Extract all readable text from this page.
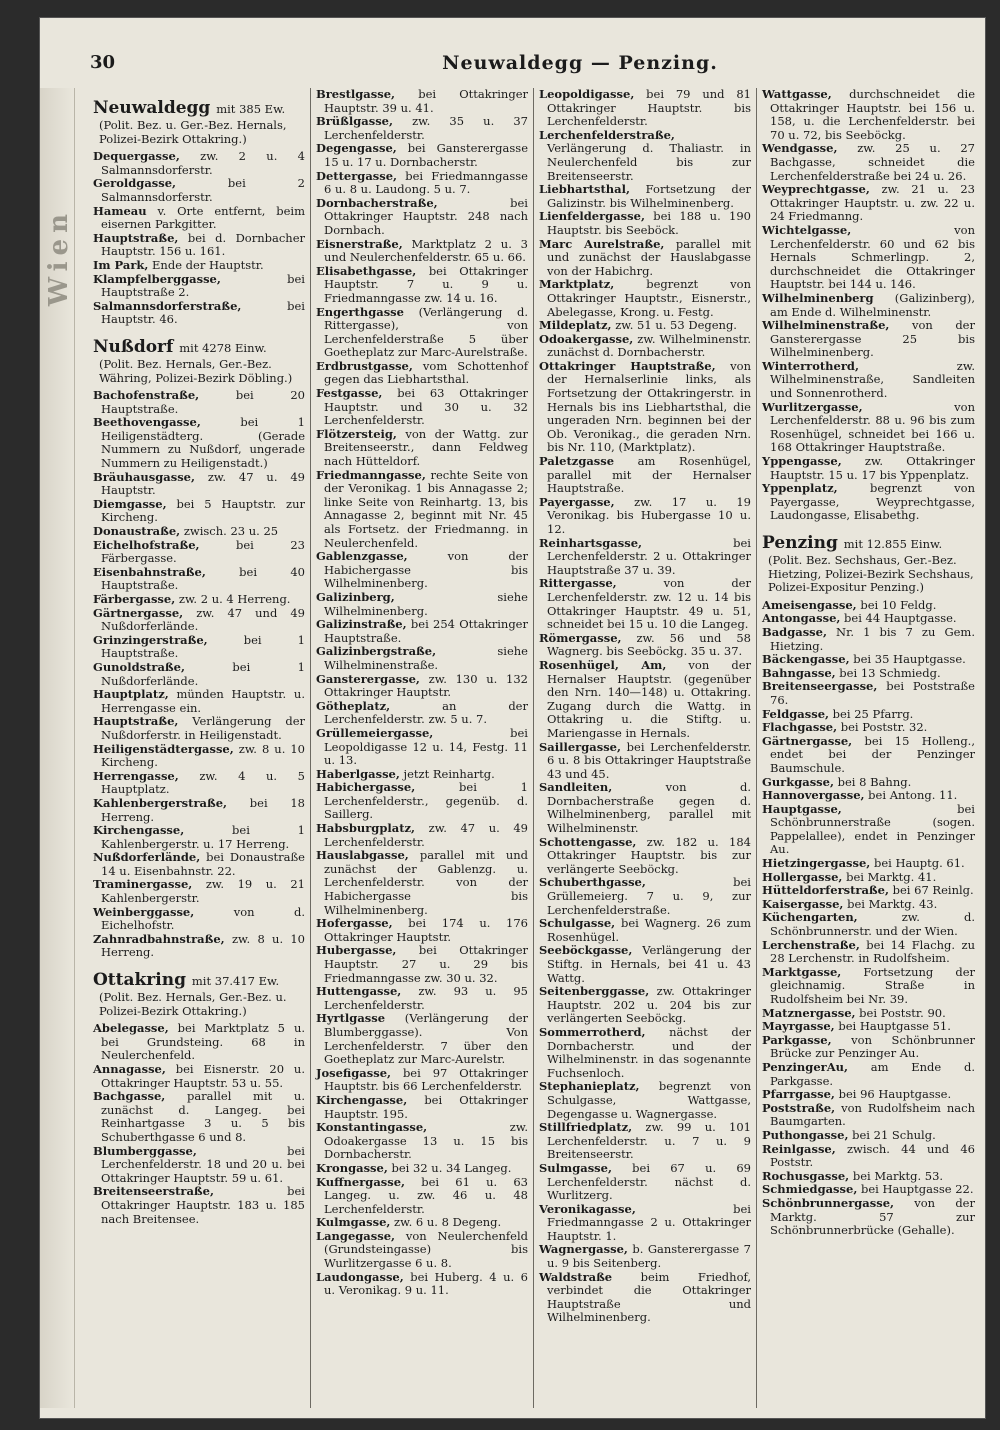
Wien
30	Neuwaldegg — Penzing.
Neuwaldegg mit 385 Ew.
(Polit. Bez. u. Ger.-Bez. Hernals, Polizei-Bezirk Ottakring.)
Dequergasse, zw. 2 u. 4 Salmannsdorferstr.
Geroldgasse, bei 2 Salmannsdorferstr.
Hameau v. Orte entfernt, beim eisernen Parkgitter.
Hauptstraße, bei d. Dornbacher Hauptstr. 156 u. 161.
Im Park, Ende der Hauptstr.
Klampfelberggasse, bei Hauptstraße 2.
Salmannsdorferstraße, bei Hauptstr. 46.
Nußdorf mit 4278 Einw.
(Polit. Bez. Hernals, Ger.-Bez. Währing, Polizei-Bezirk Döbling.)
Bachofenstraße, bei 20 Hauptstraße.
Beethovengasse, bei 1 Heiligenstädterg. (Gerade Nummern zu Nußdorf, ungerade Nummern zu Heiligenstadt.)
Bräuhausgasse, zw. 47 u. 49 Hauptstr.
Diemgasse, bei 5 Hauptstr. zur Kircheng.
Donaustraße, zwisch. 23 u. 25
Eichelhofstraße, bei 23 Färbergasse.
Eisenbahnstraße, bei 40 Hauptstraße.
Färbergasse, zw. 2 u. 4 Herreng.
Gärtnergasse, zw. 47 und 49 Nußdorferlände.
Grinzingerstraße, bei 1 Hauptstraße.
Gunoldstraße, bei 1 Nußdorferlände.
Hauptplatz, münden Hauptstr. u. Herrengasse ein.
Hauptstraße, Verlängerung der Nußdorferstr. in Heiligenstadt.
Heiligenstädtergasse, zw. 8 u. 10 Kircheng.
Herrengasse, zw. 4 u. 5 Hauptplatz.
Kahlenbergerstraße, bei 18 Herreng.
Kirchengasse, bei 1 Kahlenbergerstr. u. 17 Herreng.
Nußdorferlände, bei Donaustraße 14 u. Eisenbahnstr. 22.
Traminergasse, zw. 19 u. 21 Kahlenbergerstr.
Weinberggasse, von d. Eichelhofstr.
Zahnradbahnstraße, zw. 8 u. 10 Herreng.
Ottakring mit 37.417 Ew.
(Polit. Bez. Hernals, Ger.-Bez. u. Polizei-Bezirk Ottakring.)
Abelegasse, bei Marktplatz 5 u. bei Grundsteing. 68 in Neulerchenfeld.
Annagasse, bei Eisnerstr. 20 u. Ottakringer Hauptstr. 53 u. 55.
Bachgasse, parallel mit u. zunächst d. Langeg. bei Reinhartgasse 3 u. 5 bis Schuberthgasse 6 und 8.
Blumberggasse, bei Lerchenfelderstr. 18 und 20 u. bei Ottakringer Hauptstr. 59 u. 61.
Breitenseerstraße, bei Ottakringer Hauptstr. 183 u. 185 nach Breitensee.
Brestlgasse, bei Ottakringer Hauptstr. 39 u. 41.
Brüßlgasse, zw. 35 u. 37 Lerchenfelderstr.
Degengasse, bei Gansterergasse 15 u. 17 u. Dornbacherstr.
Dettergasse, bei Friedmanngasse 6 u. 8 u. Laudong. 5 u. 7.
Dornbacherstraße, bei Ottakringer Hauptstr. 248 nach Dornbach.
Eisnerstraße, Marktplatz 2 u. 3 und Neulerchenfelderstr. 65 u. 66.
Elisabethgasse, bei Ottakringer Hauptstr. 7 u. 9 u. Friedmanngasse zw. 14 u. 16.
Engerthgasse (Verlängerung d. Rittergasse), von Lerchenfelderstraße 5 über Goetheplatz zur Marc-Aurelstraße.
Erdbrustgasse, vom Schottenhof gegen das Liebhartsthal.
Festgasse, bei 63 Ottakringer Hauptstr. und 30 u. 32 Lerchenfelderstr.
Flötzersteig, von der Wattg. zur Breitenseerstr., dann Feldweg nach Hütteldorf.
Friedmanngasse, rechte Seite von der Veronikag. 1 bis Annagasse 2; linke Seite von Reinhartg. 13, bis Annagasse 2, beginnt mit Nr. 45 als Fortsetz. der Friedmanng. in Neulerchenfeld.
Gablenzgasse, von der Habichergasse bis Wilhelminenberg.
Galizinberg, siehe Wilhelminenberg.
Galizinstraße, bei 254 Ottakringer Hauptstraße.
Galizinbergstraße, siehe Wilhelminenstraße.
Gansterergasse, zw. 130 u. 132 Ottakringer Hauptstr.
Götheplatz, an der Lerchenfelderstr. zw. 5 u. 7.
Grüllemeiergasse, bei Leopoldigasse 12 u. 14, Festg. 11 u. 13.
Haberlgasse, jetzt Reinhartg.
Habichergasse, bei 1 Lerchenfelderstr., gegenüb. d. Saillerg.
Habsburgplatz, zw. 47 u. 49 Lerchenfelderstr.
Hauslabgasse, parallel mit und zunächst der Gablenzg. u. Lerchenfelderstr. von der Habichergasse bis Wilhelminenberg.
Hofergasse, bei 174 u. 176 Ottakringer Hauptstr.
Hubergasse, bei Ottakringer Hauptstr. 27 u. 29 bis Friedmanngasse zw. 30 u. 32.
Huttengasse, zw. 93 u. 95 Lerchenfelderstr.
Hyrtlgasse (Verlängerung der Blumberggasse). Von Lerchenfelderstr. 7 über den Goetheplatz zur Marc-Aurelstr.
Josefigasse, bei 97 Ottakringer Hauptstr. bis 66 Lerchenfelderstr.
Kirchengasse, bei Ottakringer Hauptstr. 195.
Konstantingasse, zw. Odoakergasse 13 u. 15 bis Dornbacherstr.
Krongasse, bei 32 u. 34 Langeg.
Kuffnergasse, bei 61 u. 63 Langeg. u. zw. 46 u. 48 Lerchenfelderstr.
Kulmgasse, zw. 6 u. 8 Degeng.
Langegasse, von Neulerchenfeld (Grundsteingasse) bis Wurlitzergasse 6 u. 8.
Laudongasse, bei Huberg. 4 u. 6 u. Veronikag. 9 u. 11.
Leopoldigasse, bei 79 und 81 Ottakringer Hauptstr. bis Lerchenfelderstr.
Lerchenfelderstraße, Verlängerung d. Thaliastr. in Neulerchenfeld bis zur Breitenseerstr.
Liebhartsthal, Fortsetzung der Galizinstr. bis Wilhelminenberg.
Lienfeldergasse, bei 188 u. 190 Hauptstr. bis Seeböck.
Marc Aurelstraße, parallel mit und zunächst der Hauslabgasse von der Habichrg.
Marktplatz, begrenzt von Ottakringer Hauptstr., Eisnerstr., Abelegasse, Krong. u. Festg.
Mildeplatz, zw. 51 u. 53 Degeng.
Odoakergasse, zw. Wilhelminenstr. zunächst d. Dornbacherstr.
Ottakringer Hauptstraße, von der Hernalserlinie links, als Fortsetzung der Ottakringerstr. in Hernals bis ins Liebhartsthal, die ungeraden Nrn. beginnen bei der Ob. Veronikag., die geraden Nrn. bis Nr. 110, (Marktplatz).
Paletzgasse am Rosenhügel, parallel mit der Hernalser Hauptstraße.
Payergasse, zw. 17 u. 19 Veronikag. bis Hubergasse 10 u. 12.
Reinhartsgasse, bei Lerchenfelderstr. 2 u. Ottakringer Hauptstraße 37 u. 39.
Rittergasse, von der Lerchenfelderstr. zw. 12 u. 14 bis Ottakringer Hauptstr. 49 u. 51, schneidet bei 15 u. 10 die Langeg.
Römergasse, zw. 56 und 58 Wagnerg. bis Seeböckg. 35 u. 37.
Rosenhügel, Am, von der Hernalser Hauptstr. (gegenüber den Nrn. 140—148) u. Ottakring. Zugang durch die Wattg. in Ottakring u. die Stiftg. u. Mariengasse in Hernals.
Saillergasse, bei Lerchenfelderstr. 6 u. 8 bis Ottakringer Hauptstraße 43 und 45.
Sandleiten, von d. Dornbacherstraße gegen d. Wilhelminenberg, parallel mit Wilhelminenstr.
Schottengasse, zw. 182 u. 184 Ottakringer Hauptstr. bis zur verlängerte Seeböckg.
Schuberthgasse, bei Grüllemeierg. 7 u. 9, zur Lerchenfelderstraße.
Schulgasse, bei Wagnerg. 26 zum Rosenhügel.
Seeböckgasse, Verlängerung der Stiftg. in Hernals, bei 41 u. 43 Wattg.
Seitenberggasse, zw. Ottakringer Hauptstr. 202 u. 204 bis zur verlängerten Seeböckg.
Sommerrotherd, nächst der Dornbacherstr. und der Wilhelminenstr. in das sogenannte Fuchsenloch.
Stephanieplatz, begrenzt von Schulgasse, Wattgasse, Degengasse u. Wagnergasse.
Stillfriedplatz, zw. 99 u. 101 Lerchenfelderstr. u. 7 u. 9 Breitenseerstr.
Sulmgasse, bei 67 u. 69 Lerchenfelderstr. nächst d. Wurlitzerg.
Veronikagasse, bei Friedmanngasse 2 u. Ottakringer Hauptstr. 1.
Wagnergasse, b. Gansterergasse 7 u. 9 bis Seitenberg.
Waldstraße beim Friedhof, verbindet die Ottakringer Hauptstraße und Wilhelminenberg.
Wattgasse, durchschneidet die Ottakringer Hauptstr. bei 156 u. 158, u. die Lerchenfelderstr. bei 70 u. 72, bis Seeböckg.
Wendgasse, zw. 25 u. 27 Bachgasse, schneidet die Lerchenfelderstraße bei 24 u. 26.
Weyprechtgasse, zw. 21 u. 23 Ottakringer Hauptstr. u. zw. 22 u. 24 Friedmanng.
Wichtelgasse, von Lerchenfelderstr. 60 und 62 bis Hernals Schmerlingp. 2, durchschneidet die Ottakringer Hauptstr. bei 144 u. 146.
Wilhelminenberg (Galizinberg), am Ende d. Wilhelminenstr.
Wilhelminenstraße, von der Gansterergasse 25 bis Wilhelminenberg.
Winterrotherd, zw. Wilhelminenstraße, Sandleiten und Sonnenrotherd.
Wurlitzergasse, von Lerchenfelderstr. 88 u. 96 bis zum Rosenhügel, schneidet bei 166 u. 168 Ottakringer Hauptstraße.
Yppengasse, zw. Ottakringer Hauptstr. 15 u. 17 bis Yppenplatz.
Yppenplatz, begrenzt von Payergasse, Weyprechtgasse, Laudongasse, Elisabethg.
Penzing mit 12.855 Einw.
(Polit. Bez. Sechshaus, Ger.-Bez. Hietzing, Polizei-Bezirk Sechshaus, Polizei-Expositur Penzing.)
Ameisengasse, bei 10 Feldg.
Antongasse, bei 44 Hauptgasse.
Badgasse, Nr. 1 bis 7 zu Gem. Hietzing.
Bäckengasse, bei 35 Hauptgasse.
Bahngasse, bei 13 Schmiedg.
Breitenseergasse, bei Poststraße 76.
Feldgasse, bei 25 Pfarrg.
Flachgasse, bei Poststr. 32.
Gärtnergasse, bei 15 Holleng., endet bei der Penzinger Baumschule.
Gurkgasse, bei 8 Bahng.
Hannovergasse, bei Antong. 11.
Hauptgasse, bei Schönbrunnerstraße (sogen. Pappelallee), endet in Penzinger Au.
Hietzingergasse, bei Hauptg. 61.
Hollergasse, bei Marktg. 41.
Hütteldorferstraße, bei 67 Reinlg.
Kaisergasse, bei Marktg. 43.
Küchengarten, zw. d. Schönbrunnerstr. und der Wien.
Lerchenstraße, bei 14 Flachg. zu 28 Lerchenstr. in Rudolfsheim.
Marktgasse, Fortsetzung der gleichnamig. Straße in Rudolfsheim bei Nr. 39.
Matznergasse, bei Poststr. 90.
Mayrgasse, bei Hauptgasse 51.
Parkgasse, von Schönbrunner Brücke zur Penzinger Au.
PenzingerAu, am Ende d. Parkgasse.
Pfarrgasse, bei 96 Hauptgasse.
Poststraße, von Rudolfsheim nach Baumgarten.
Puthongasse, bei 21 Schulg.
Reinlgasse, zwisch. 44 und 46 Poststr.
Rochusgasse, bei Marktg. 53.
Schmiedgasse, bei Hauptgasse 22.
Schönbrunnergasse, von der Marktg. 57 zur Schönbrunnerbrücke (Gehalle).
